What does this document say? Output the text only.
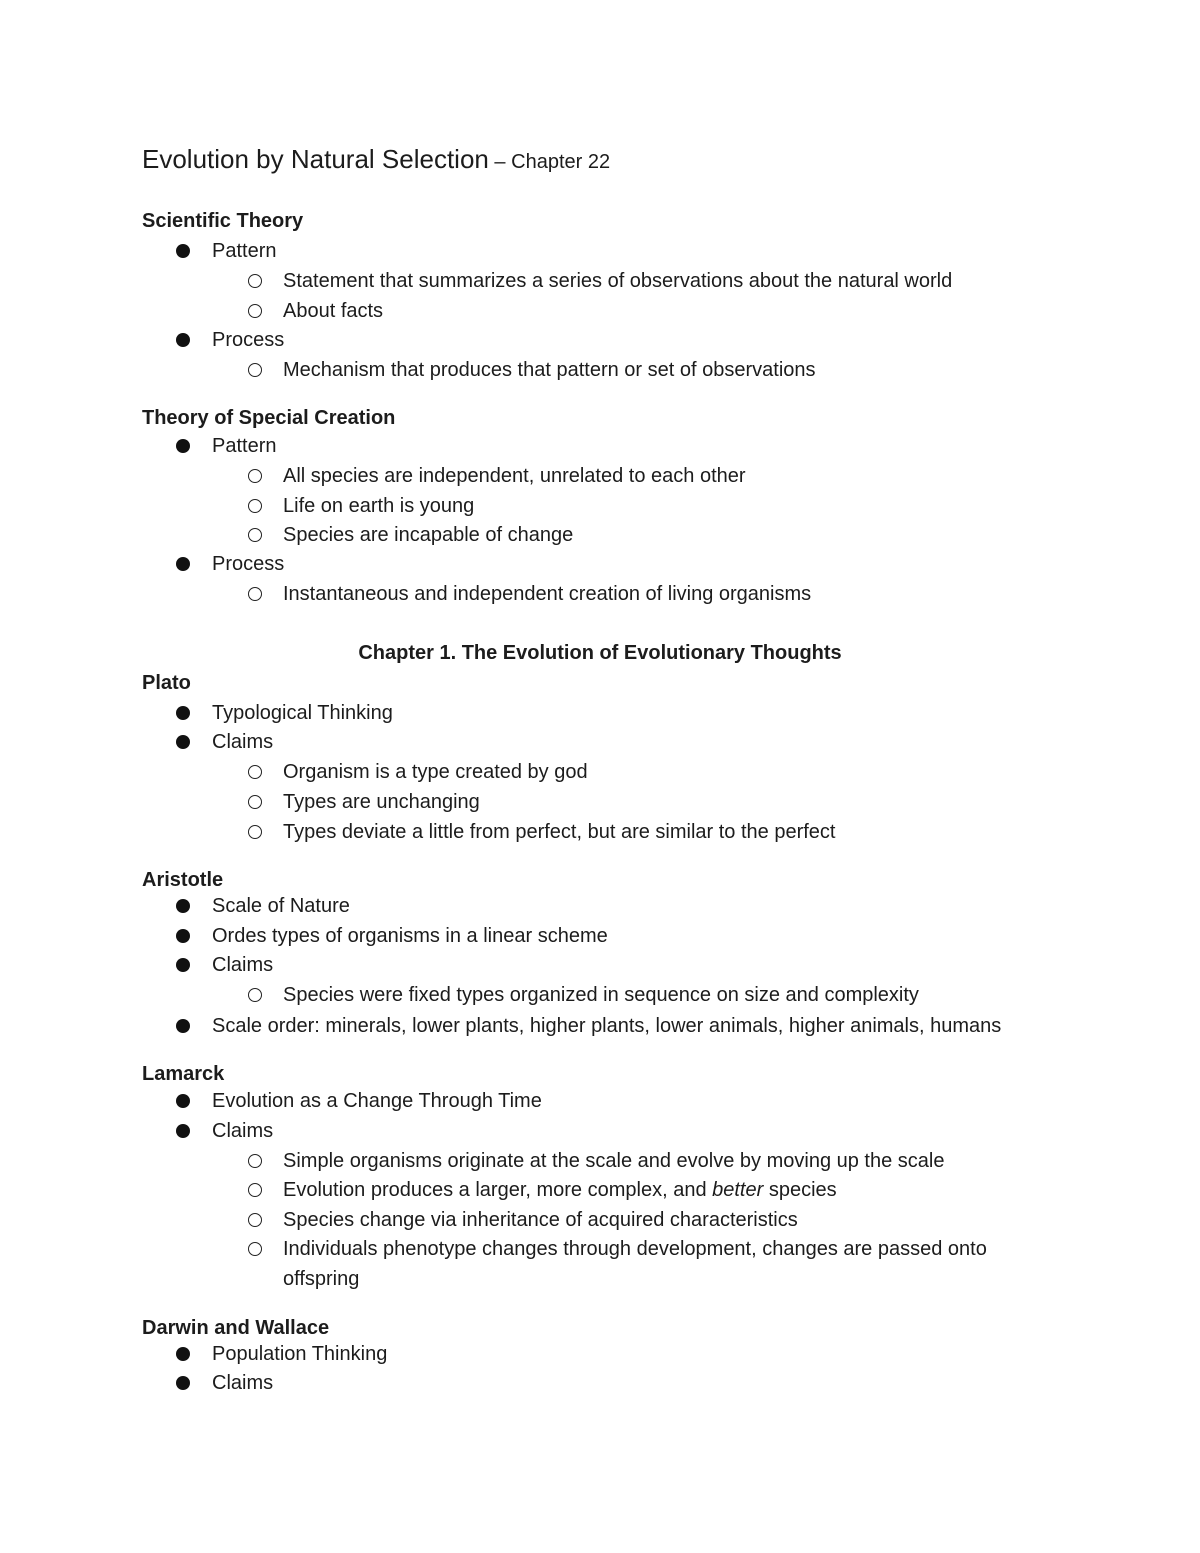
Evolution by Natural Selection – Chapter 22
Scientific Theory
Pattern
Statement that summarizes a series of observations about the natural world
About facts
Process
Mechanism that produces that pattern or set of observations
Theory of Special Creation
Pattern
All species are independent, unrelated to each other
Life on earth is young
Species are incapable of change
Process
Instantaneous and independent creation of living organisms
Chapter 1. The Evolution of Evolutionary Thoughts
Plato
Typological Thinking
Claims
Organism is a type created by god
Types are unchanging
Types deviate a little from perfect, but are similar to the perfect
Aristotle
Scale of Nature
Ordes types of organisms in a linear scheme
Claims
Species were fixed types organized in sequence on size and complexity
Scale order: minerals, lower plants, higher plants, lower animals, higher animals, humans
Lamarck
Evolution as a Change Through Time
Claims
Simple organisms originate at the scale and evolve by moving up the scale
Evolution produces a larger, more complex, and better species
Species change via inheritance of acquired characteristics
Individuals phenotype changes through development, changes are passed onto
offspring
Darwin and Wallace
Population Thinking
Claims
